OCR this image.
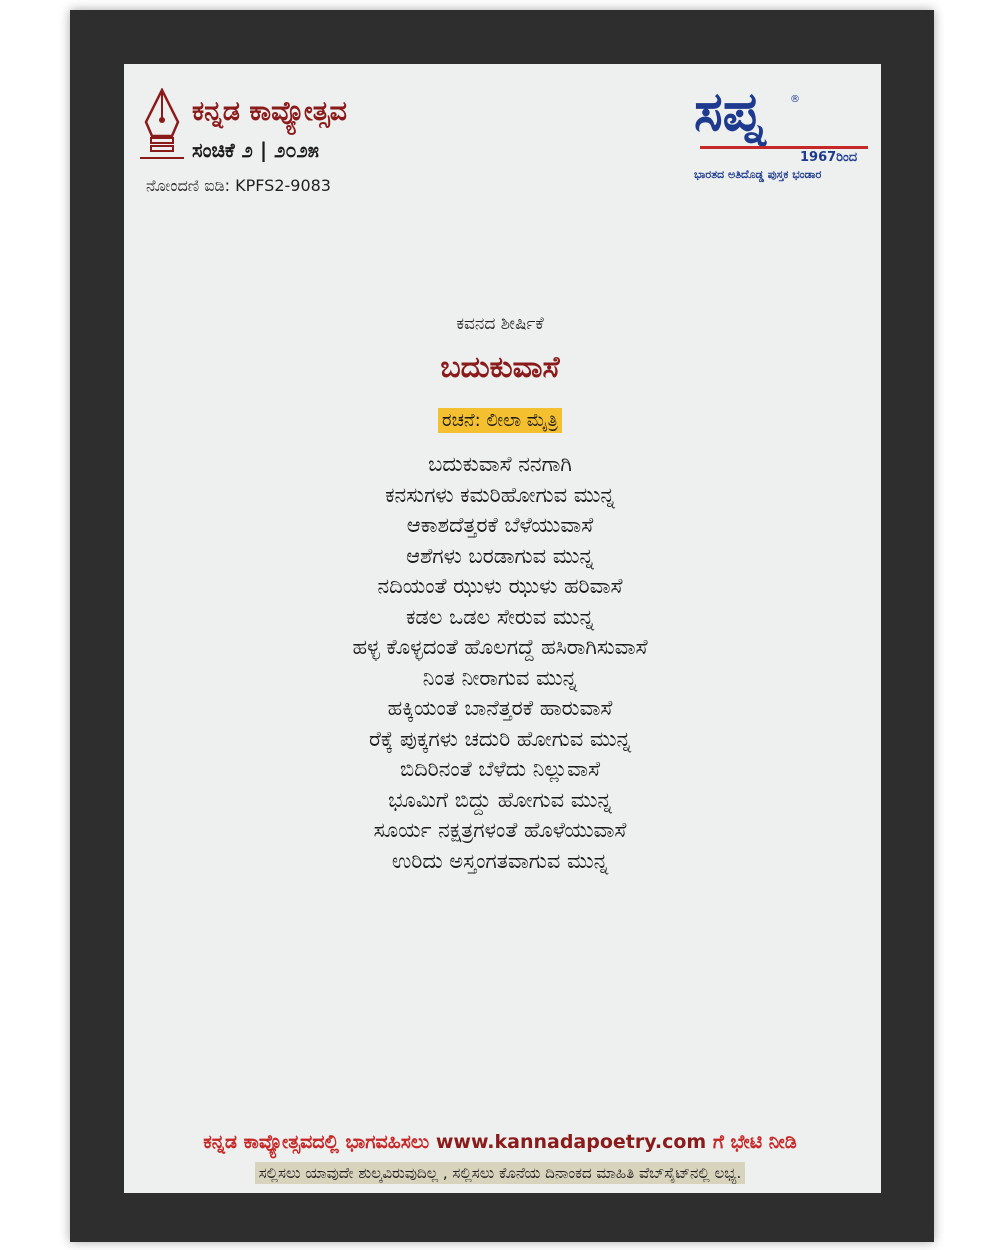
ಕನ್ನಡ ಕಾವ್ಯೋತ್ಸವ
ಸಂಚಿಕೆ ೨ | ೨೦೨೫
ನೋಂದಣಿ ಐಡಿ: KPFS2-9083
ಸಪ್ನ	®
1967ರಿಂದ
ಭಾರತದ ಅತಿದೊಡ್ಡ ಪುಸ್ತಕ ಭಂಡಾರ
ಕವನದ ಶೀರ್ಷಿಕೆ
ಬದುಕುವಾಸೆ
ರಚನೆ: ಲೀಲಾ ಮೈತ್ರಿ
ಬದುಕುವಾಸೆ ನನಗಾಗಿ
ಕನಸುಗಳು ಕಮರಿಹೋಗುವ ಮುನ್ನ
ಆಕಾಶದೆತ್ತರಕೆ ಬೆಳೆಯುವಾಸೆ
ಆಶೆಗಳು ಬರಡಾಗುವ ಮುನ್ನ
ನದಿಯಂತೆ ಝುಳು ಝುಳು ಹರಿವಾಸೆ
ಕಡಲ ಒಡಲ ಸೇರುವ ಮುನ್ನ
ಹಳ್ಳ ಕೊಳ್ಳದಂತೆ ಹೊಲಗದ್ದೆ ಹಸಿರಾಗಿಸುವಾಸೆ
ನಿಂತ ನೀರಾಗುವ ಮುನ್ನ
ಹಕ್ಕಿಯಂತೆ ಬಾನೆತ್ತರಕೆ ಹಾರುವಾಸೆ
ರೆಕ್ಕೆ ಪುಕ್ಕಗಳು ಚದುರಿ ಹೋಗುವ ಮುನ್ನ
ಬಿದಿರಿನಂತೆ ಬೆಳೆದು ನಿಲ್ಲುವಾಸೆ
ಭೂಮಿಗೆ ಬಿದ್ದು ಹೋಗುವ ಮುನ್ನ
ಸೂರ್ಯ ನಕ್ಷತ್ರಗಳಂತೆ ಹೊಳೆಯುವಾಸೆ
ಉರಿದು ಅಸ್ತಂಗತವಾಗುವ ಮುನ್ನ
ಕನ್ನಡ ಕಾವ್ಯೋತ್ಸವದಲ್ಲಿ ಭಾಗವಹಿಸಲು www.kannadapoetry.com ಗೆ ಭೇಟಿ ನೀಡಿ
ಸಲ್ಲಿಸಲು ಯಾವುದೇ ಶುಲ್ಕವಿರುವುದಿಲ್ಲ , ಸಲ್ಲಿಸಲು ಕೊನೆಯ ದಿನಾಂಕದ ಮಾಹಿತಿ ವೆಬ್‌ಸೈಟ್‌ನಲ್ಲಿ ಲಭ್ಯ.
